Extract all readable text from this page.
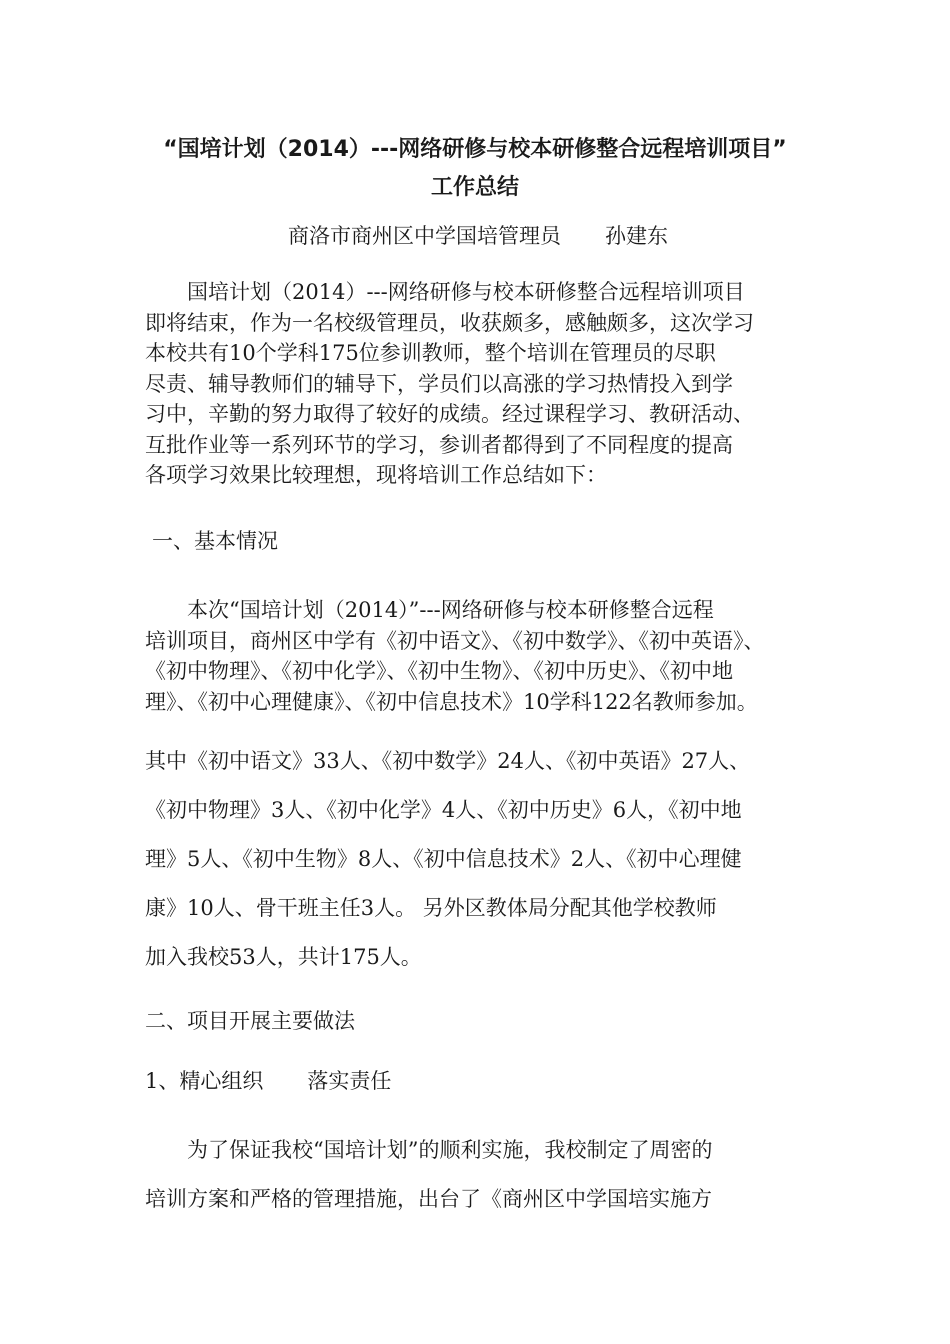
“国培计划（2014）---网络研修与校本研修整合远程培训项目”
工作总结
商洛市商州区中学国培管理员 孙建东

国培计划（2014）---网络研修与校本研修整合远程培训项目

即将结束，作为一名校级管理员，收获颇多，感触颇多，这次学习

本校共有10个学科175位参训教师，整个培训在管理员的尽职

尽责、辅导教师们的辅导下，学员们以高涨的学习热情投入到学

习中，辛勤的努力取得了较好的成绩。经过课程学习、教研活动、

互批作业等一系列环节的学习，参训者都得到了不同程度的提高

各项学习效果比较理想，现将培训工作总结如下：

一、基本情况

本次“国培计划（2014）”---网络研修与校本研修整合远程

培训项目，商州区中学有《初中语文》、《初中数学》、《初中英语》、

《初中物理》、《初中化学》、《初中生物》、《初中历史》、《初中地

理》、《初中心理健康》、《初中信息技术》10学科122名教师参加。

其中《初中语文》33人、《初中数学》24人、《初中英语》27人、

《初中物理》3人、《初中化学》4人、《初中历史》6人，《初中地

理》5人、《初中生物》8人、《初中信息技术》2人、《初中心理健

康》10人、骨干班主任3人。 另外区教体局分配其他学校教师

加入我校53人，共计175人。

二、项目开展主要做法
1、精心组织 落实责任

为了保证我校“国培计划”的顺利实施，我校制定了周密的

培训方案和严格的管理措施，出台了《商州区中学国培实施方
